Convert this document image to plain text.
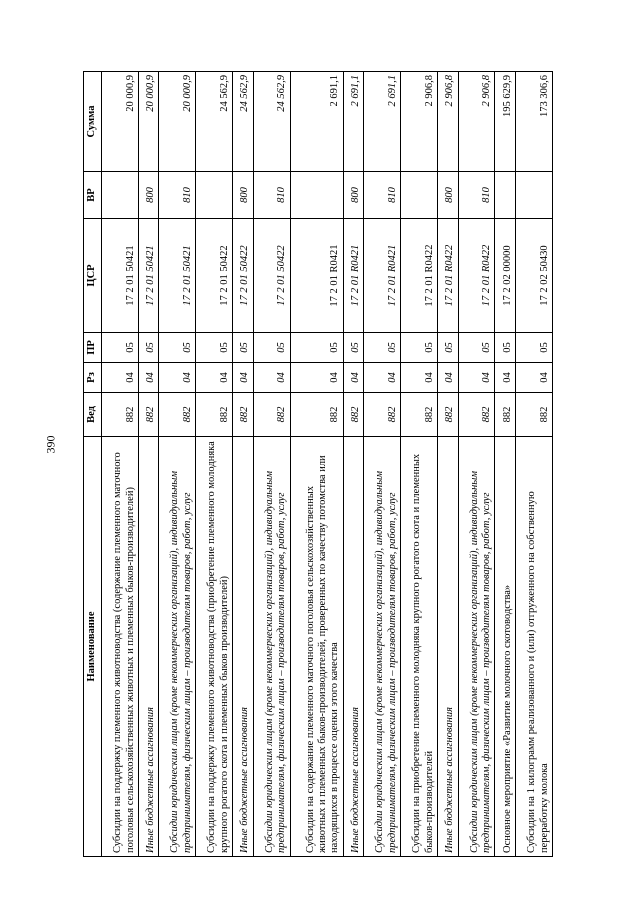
390
Наименование	Вед	Рз	ПР	ЦСР	ВР	Сумма
Субсидии на поддержку племенного животноводства (содержание племенного маточного поголовья сельскохозяйственных животных и племенных быков-производителей)	882	04	05	17 2 01 50421		20 000,9
Иные бюджетные ассигнования	882	04	05	17 2 01 50421	800	20 000,9
Субсидии юридическим лицам (кроме некоммерческих организаций), индивидуальным предпринимателям, физическим лицам – производителям товаров, работ, услуг	882	04	05	17 2 01 50421	810	20 000,9
Субсидии на поддержку племенного животноводства (приобретение племенного молодняка крупного рогатого скота и племенных быков производителей)	882	04	05	17 2 01 50422		24 562,9
Иные бюджетные ассигнования	882	04	05	17 2 01 50422	800	24 562,9
Субсидии юридическим лицам (кроме некоммерческих организаций), индивидуальным предпринимателям, физическим лицам – производителям товаров, работ, услуг	882	04	05	17 2 01 50422	810	24 562,9
Субсидии на содержание племенного маточного поголовья сельскохозяйственных животных и племенных быков-производителей, проверенных по качеству потомства или находящихся в процессе оценки этого качества	882	04	05	17 2 01 R0421		2 691,1
Иные бюджетные ассигнования	882	04	05	17 2 01 R0421	800	2 691,1
Субсидии юридическим лицам (кроме некоммерческих организаций), индивидуальным предпринимателям, физическим лицам – производителям товаров, работ, услуг	882	04	05	17 2 01 R0421	810	2 691,1
Субсидии на приобретение племенного молодняка крупного рогатого скота и племенных быков-производителей	882	04	05	17 2 01 R0422		2 906,8
Иные бюджетные ассигнования	882	04	05	17 2 01 R0422	800	2 906,8
Субсидии юридическим лицам (кроме некоммерческих организаций), индивидуальным предпринимателям, физическим лицам – производителям товаров, работ, услуг	882	04	05	17 2 01 R0422	810	2 906,8
Основное мероприятие «Развитие молочного скотоводства»	882	04	05	17 2 02 00000		195 629,9
Субсидии на 1 килограмм реализованного и (или) отгруженного на собственную переработку молока	882	04	05	17 2 02 50430		173 306,6
